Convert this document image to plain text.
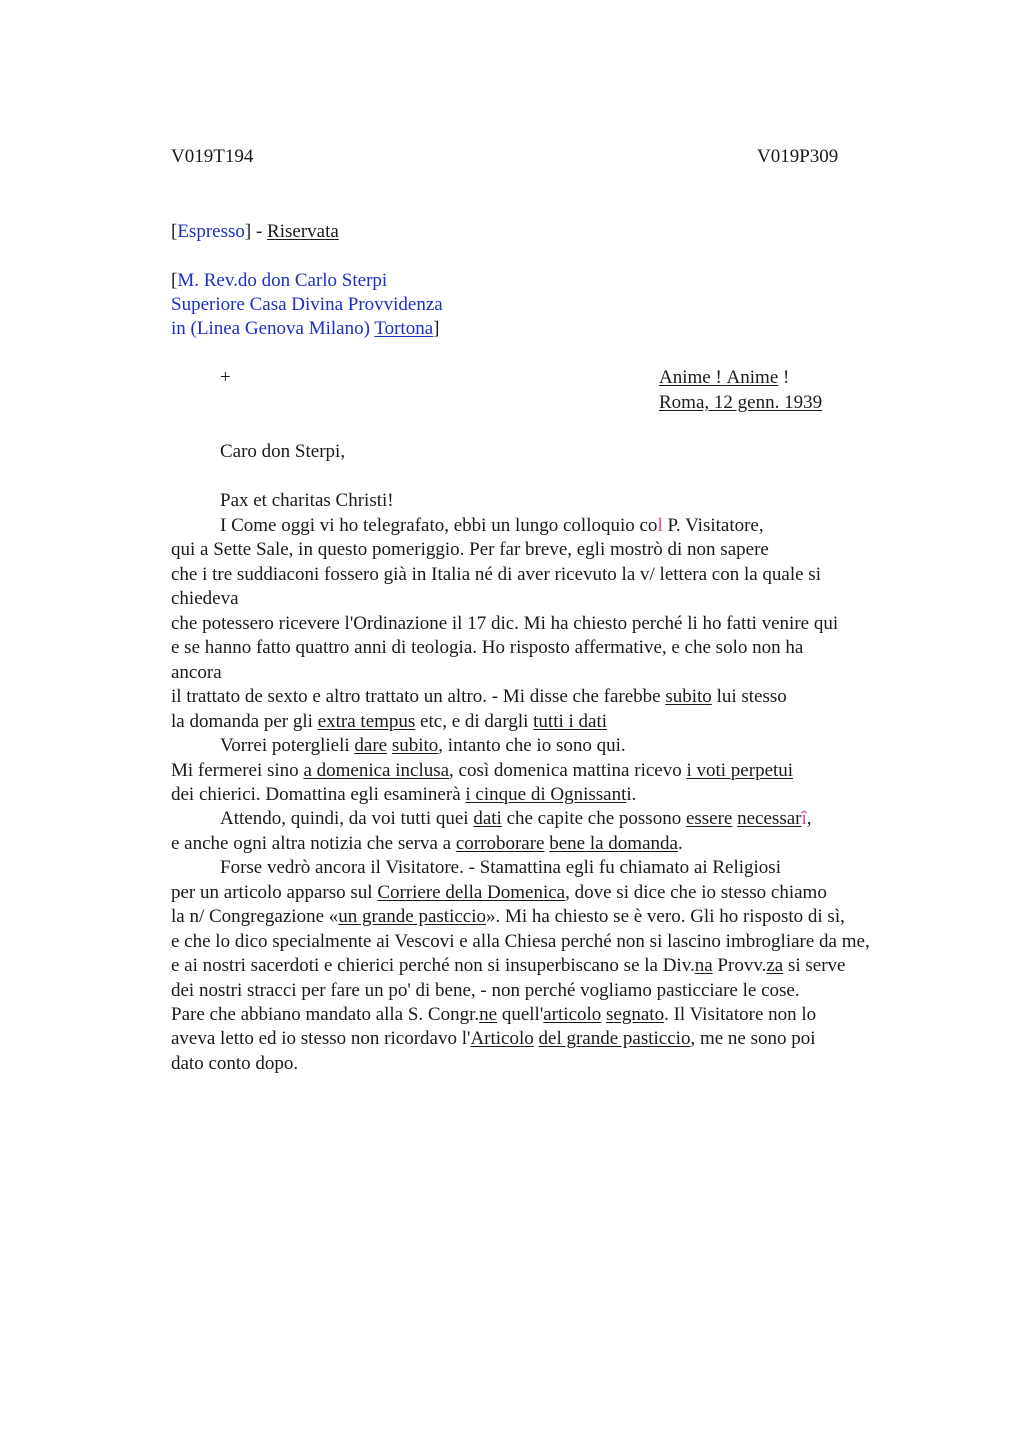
V019T194	V019P309
[Espresso] - Riservata
[M. Rev.do don Carlo Sterpi
Superiore Casa Divina Provvidenza
in (Linea Genova Milano) Tortona]
+	Anime ! Anime !
Roma, 12 genn. 1939
Caro don Sterpi,
Pax et charitas Christi!
I Come oggi vi ho telegrafato, ebbi un lungo colloquio col P. Visitatore,
qui a Sette Sale, in questo pomeriggio. Per far breve, egli mostrò di non sapere
che i tre suddiaconi fossero già in Italia né di aver ricevuto la v/ lettera con la quale si
chiedeva
che potessero ricevere l'Ordinazione il 17 dic. Mi ha chiesto perché li ho fatti venire qui
e se hanno fatto quattro anni di teologia. Ho risposto affermative, e che solo non ha
ancora
il trattato de sexto e altro trattato un altro. - Mi disse che farebbe subito lui stesso
la domanda per gli extra tempus etc, e di dargli tutti i dati
Vorrei poterglieli dare subito, intanto che io sono qui.
Mi fermerei sino a domenica inclusa, così domenica mattina ricevo i voti perpetui
dei chierici. Domattina egli esaminerà i cinque di Ognissanti.
Attendo, quindi, da voi tutti quei dati che capite che possono essere necessarî,
e anche ogni altra notizia che serva a corroborare bene la domanda.
Forse vedrò ancora il Visitatore. - Stamattina egli fu chiamato ai Religiosi
per un articolo apparso sul Corriere della Domenica, dove si dice che io stesso chiamo
la n/ Congregazione «un grande pasticcio». Mi ha chiesto se è vero. Gli ho risposto di sì,
e che lo dico specialmente ai Vescovi e alla Chiesa perché non si lascino imbrogliare da me,
e ai nostri sacerdoti e chierici perché non si insuperbiscano se la Div.na Provv.za si serve
dei nostri stracci per fare un po' di bene, - non perché vogliamo pasticciare le cose.
Pare che abbiano mandato alla S. Congr.ne quell'articolo segnato. Il Visitatore non lo
aveva letto ed io stesso non ricordavo l'Articolo del grande pasticcio, me ne sono poi
dato conto dopo.
